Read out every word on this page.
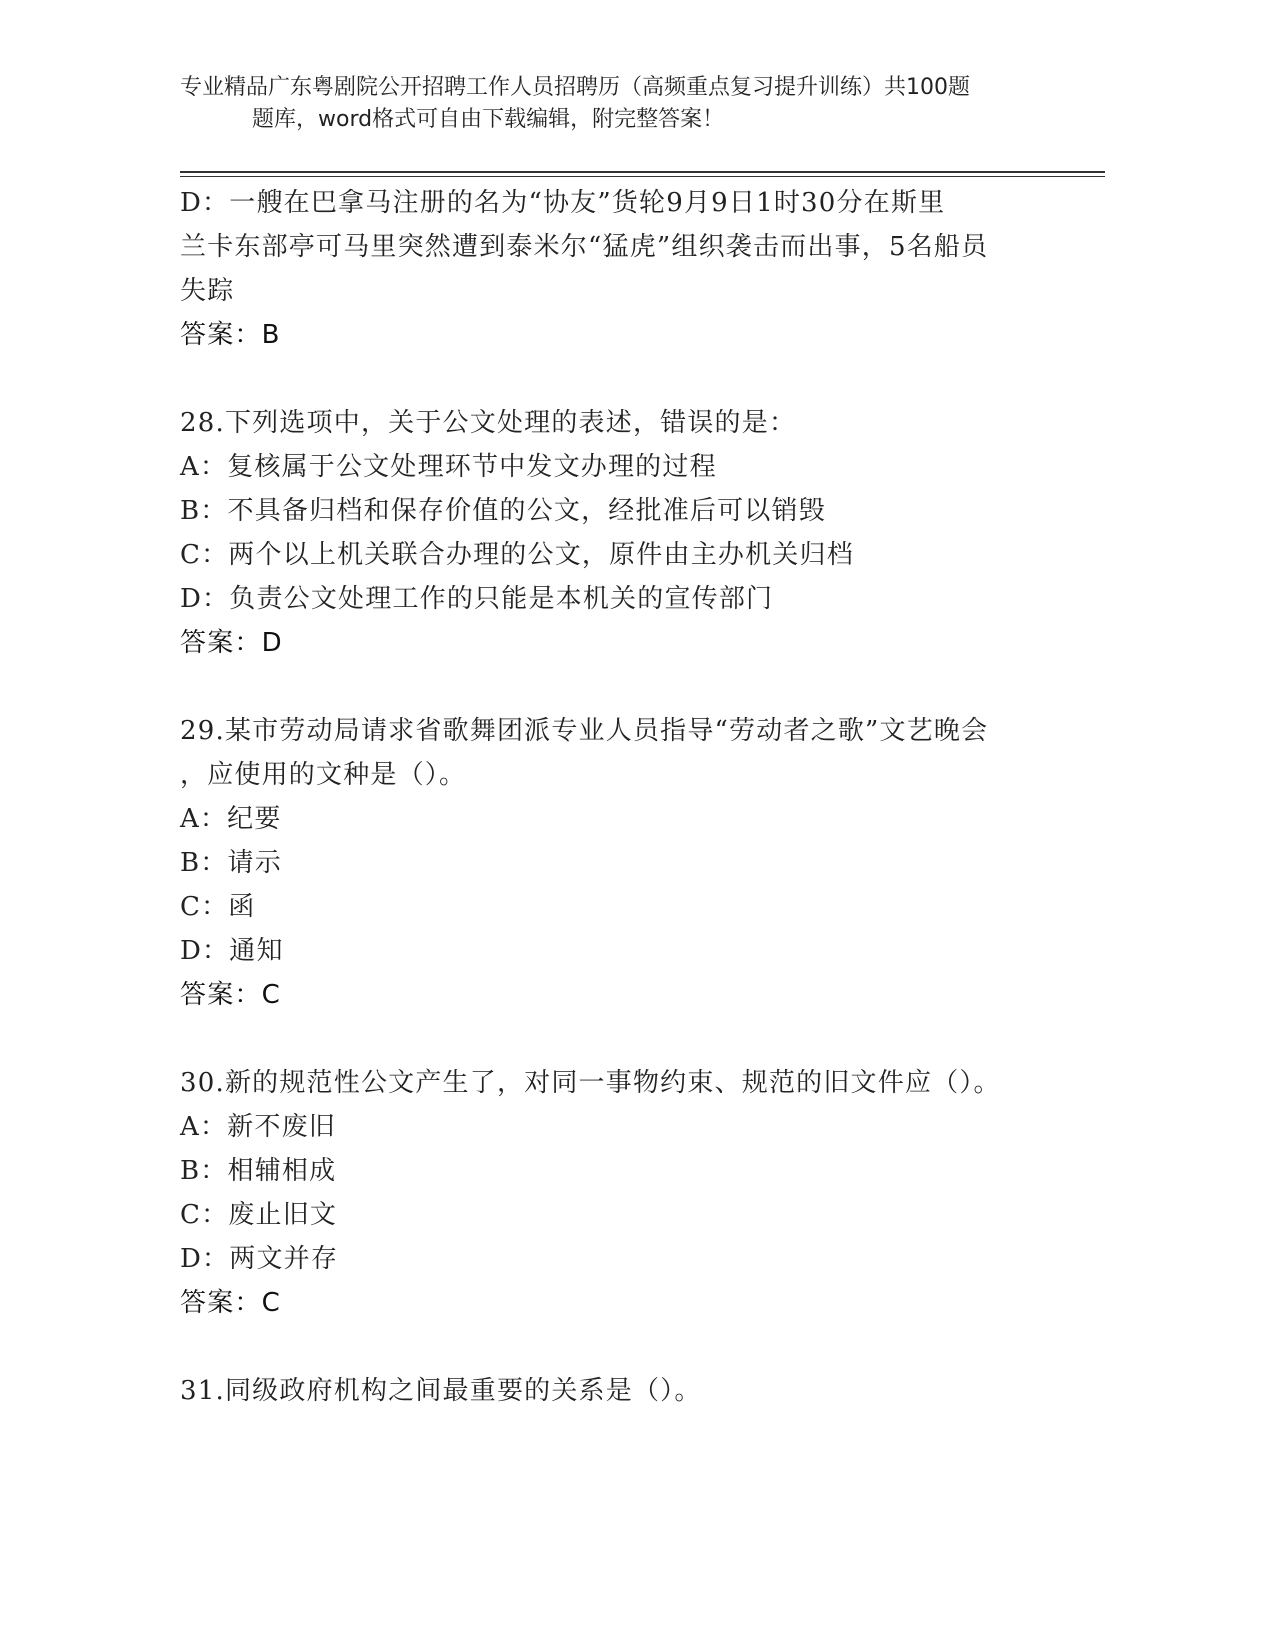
专业精品广东粤剧院公开招聘工作人员招聘历（高频重点复习提升训练）共100题
题库，word格式可自由下载编辑，附完整答案！
D：一艘在巴拿马注册的名为“协友”货轮9月9日1时30分在斯里
兰卡东部亭可马里突然遭到泰米尔“猛虎”组织袭击而出事，5名船员
失踪
答案：B
28.下列选项中，关于公文处理的表述，错误的是：
A：复核属于公文处理环节中发文办理的过程
B：不具备归档和保存价值的公文，经批准后可以销毁
C：两个以上机关联合办理的公文，原件由主办机关归档
D：负责公文处理工作的只能是本机关的宣传部门
答案：D
29.某市劳动局请求省歌舞团派专业人员指导“劳动者之歌”文艺晚会
，应使用的文种是（）。
A：纪要
B：请示
C：函
D：通知
答案：C
30.新的规范性公文产生了，对同一事物约束、规范的旧文件应（）。
A：新不废旧
B：相辅相成
C：废止旧文
D：两文并存
答案：C
31.同级政府机构之间最重要的关系是（）。
